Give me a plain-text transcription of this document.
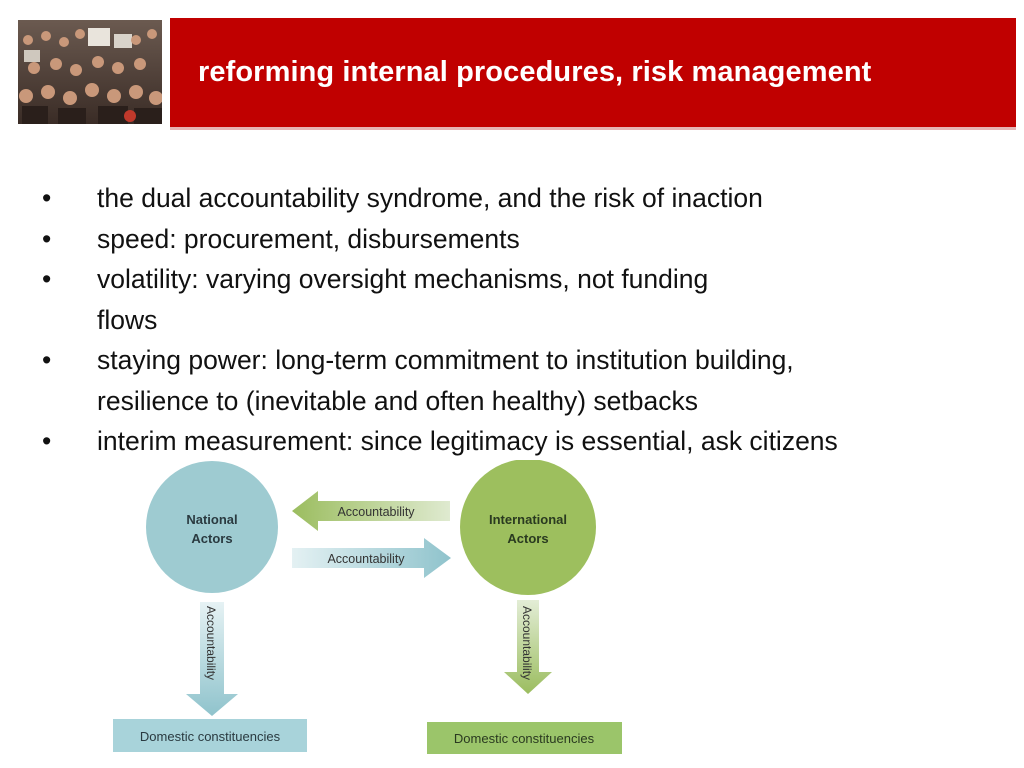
reforming internal procedures, risk management
•	the dual accountability syndrome, and the risk of inaction
•	speed: procurement, disbursements
•	volatility: varying oversight mechanisms, not funding
flows
•	staying power: long-term commitment to institution building,
resilience to (inevitable and often healthy) setbacks
•	interim measurement: since legitimacy is essential, ask citizens
National
Actors
International
Actors
Accountability
Accountability
Accountability	Accountability
Domestic constituencies	Domestic constituencies
